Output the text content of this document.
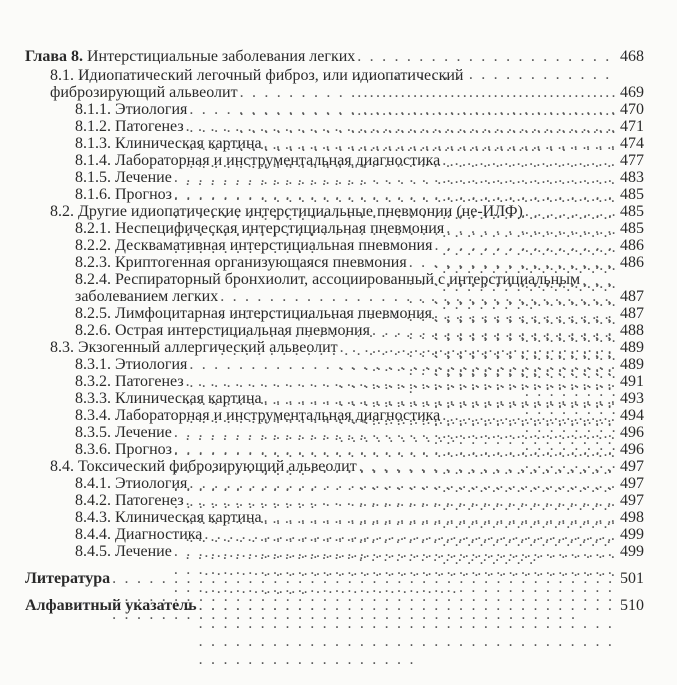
Глава 8. Интерстициальные заболевания легких . . .	468
8.1. Идиопатический легочный фиброз, или идиопатический
фиброзирующий альвеолит . . .	469
8.1.1. Этиология . . .	470
8.1.2. Патогенез . . .	471
8.1.3. Клиническая картина . . .	474
8.1.4. Лабораторная и инструментальная диагностика . . .	477
8.1.5. Лечение . . .	483
8.1.6. Прогноз . . .	485
8.2. Другие идиопатические интерстициальные пневмонии (не-ИЛФ) . . .	485
8.2.1. Неспецифическая интерстициальная пневмония . . .	485
8.2.2. Десквамативная интерстициальная пневмония . . .	486
8.2.3. Криптогенная организующаяся пневмония . . .	486
8.2.4. Респираторный бронхиолит, ассоциированный с интерстициальным
заболеванием легких . . .	487
8.2.5. Лимфоцитарная интерстициальная пневмония . . .	487
8.2.6. Острая интерстициальная пневмония . . .	488
8.3. Экзогенный аллергический альвеолит . . .	489
8.3.1. Этиология . . .	489
8.3.2. Патогенез . . .	491
8.3.3. Клиническая картина . . .	493
8.3.4. Лабораторная и инструментальная диагностика . . .	494
8.3.5. Лечение . . .	496
8.3.6. Прогноз . . .	496
8.4. Токсический фиброзирующий альвеолит . . .	497
8.4.1. Этиология . . .	497
8.4.2. Патогенез . . .	497
8.4.3. Клиническая картина . . .	498
8.4.4. Диагностика . . .	499
8.4.5. Лечение . . .	499
Литература . . .	501
Алфавитный указатель . . .	510
